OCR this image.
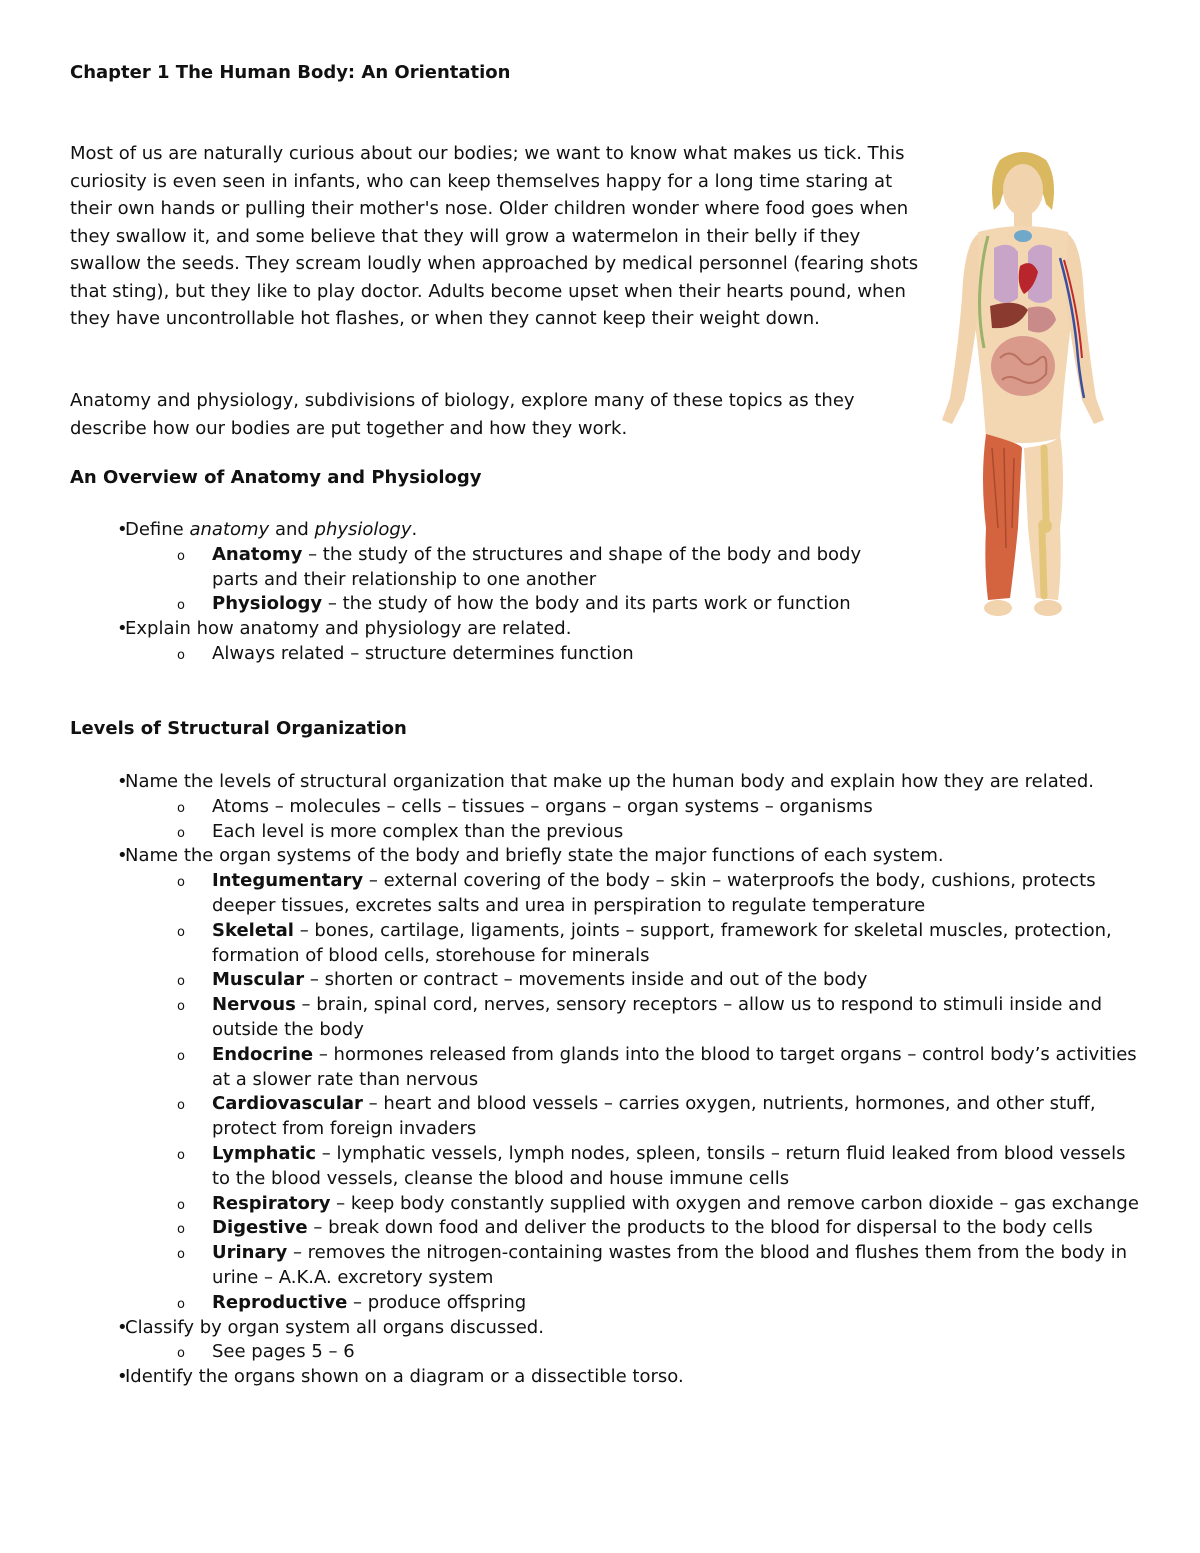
Chapter 1 The Human Body: An Orientation

Most of us are naturally curious about our bodies; we want to know what makes us tick. This curiosity is even seen in infants, who can keep themselves happy for a long time staring at their own hands or pulling their mother's nose. Older children wonder where food goes when they swallow it, and some believe that they will grow a watermelon in their belly if they swallow the seeds. They scream loudly when approached by medical personnel (fearing shots that sting), but they like to play doctor. Adults become upset when their hearts pound, when they have uncontrollable hot flashes, or when they cannot keep their weight down.

Anatomy and physiology, subdivisions of biology, explore many of these topics as they describe how our bodies are put together and how they work.

An Overview of Anatomy and Physiology
• Define anatomy and physiology.
o Anatomy – the study of the structures and shape of the body and body parts and their relationship to one another
o Physiology – the study of how the body and its parts work or function
• Explain how anatomy and physiology are related.
o Always related – structure determines function
Levels of Structural Organization
• Name the levels of structural organization that make up the human body and explain how they are related.
o Atoms – molecules – cells – tissues – organs – organ systems – organisms
o Each level is more complex than the previous
• Name the organ systems of the body and briefly state the major functions of each system.
o Integumentary – external covering of the body – skin – waterproofs the body, cushions, protects deeper tissues, excretes salts and urea in perspiration to regulate temperature
o Skeletal – bones, cartilage, ligaments, joints – support, framework for skeletal muscles, protection, formation of blood cells, storehouse for minerals
o Muscular – shorten or contract – movements inside and out of the body
o Nervous – brain, spinal cord, nerves, sensory receptors – allow us to respond to stimuli inside and outside the body
o Endocrine – hormones released from glands into the blood to target organs – control body’s activities at a slower rate than nervous
o Cardiovascular – heart and blood vessels – carries oxygen, nutrients, hormones, and other stuff, protect from foreign invaders
o Lymphatic – lymphatic vessels, lymph nodes, spleen, tonsils – return fluid leaked from blood vessels to the blood vessels, cleanse the blood and house immune cells
o Respiratory – keep body constantly supplied with oxygen and remove carbon dioxide – gas exchange
o Digestive – break down food and deliver the products to the blood for dispersal to the body cells
o Urinary – removes the nitrogen-containing wastes from the blood and flushes them from the body in urine – A.K.A. excretory system
o Reproductive – produce offspring
• Classify by organ system all organs discussed.
o See pages 5 – 6
• Identify the organs shown on a diagram or a dissectible torso.
